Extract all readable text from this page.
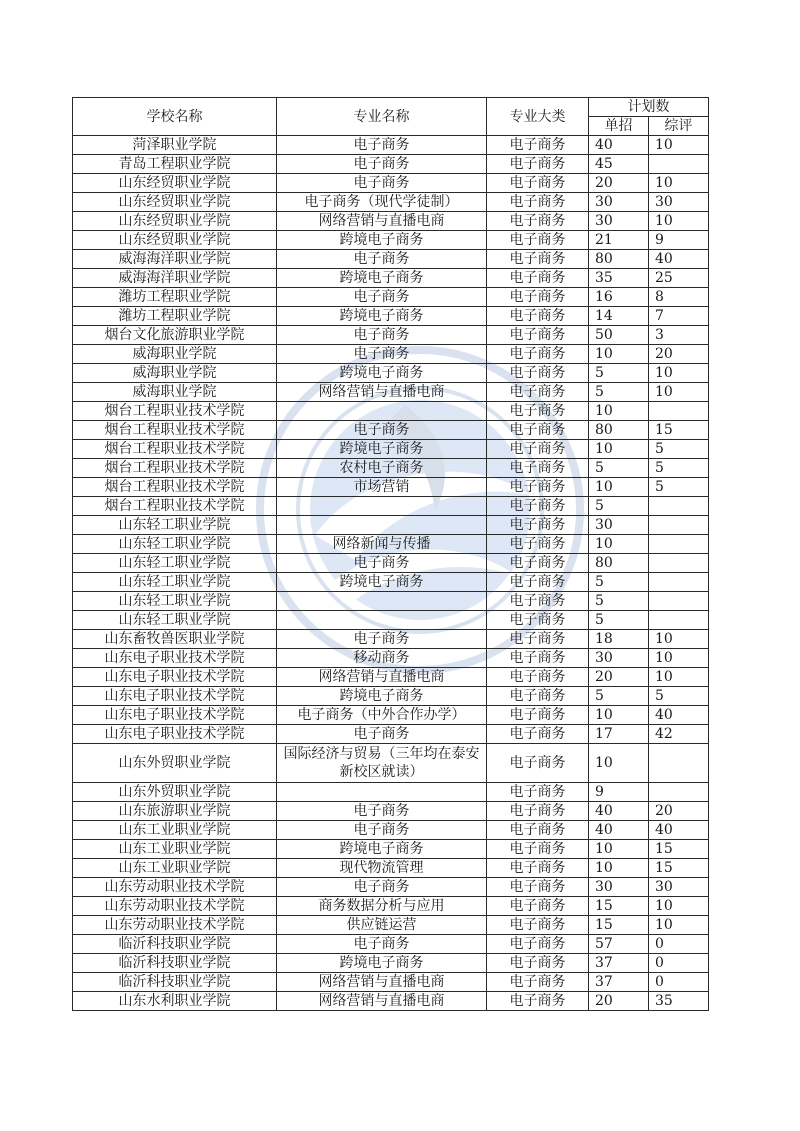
学校名称	专业名称	专业大类	计划数	
			单招	综评
菏泽职业学院	电子商务	电子商务	40	10
青岛工程职业学院	电子商务	电子商务	45	
山东经贸职业学院	电子商务	电子商务	20	10
山东经贸职业学院	电子商务（现代学徒制）	电子商务	30	30
山东经贸职业学院	网络营销与直播电商	电子商务	30	10
山东经贸职业学院	跨境电子商务	电子商务	21	9
威海海洋职业学院	电子商务	电子商务	80	40
威海海洋职业学院	跨境电子商务	电子商务	35	25
潍坊工程职业学院	电子商务	电子商务	16	8
潍坊工程职业学院	跨境电子商务	电子商务	14	7
烟台文化旅游职业学院	电子商务	电子商务	50	3
威海职业学院	电子商务	电子商务	10	20
威海职业学院	跨境电子商务	电子商务	5	10
威海职业学院	网络营销与直播电商	电子商务	5	10
烟台工程职业技术学院		电子商务	10	
烟台工程职业技术学院	电子商务	电子商务	80	15
烟台工程职业技术学院	跨境电子商务	电子商务	10	5
烟台工程职业技术学院	农村电子商务	电子商务	5	5
烟台工程职业技术学院	市场营销	电子商务	10	5
烟台工程职业技术学院		电子商务	5	
山东轻工职业学院		电子商务	30	
山东轻工职业学院	网络新闻与传播	电子商务	10	
山东轻工职业学院	电子商务	电子商务	80	
山东轻工职业学院	跨境电子商务	电子商务	5	
山东轻工职业学院		电子商务	5	
山东轻工职业学院		电子商务	5	
山东畜牧兽医职业学院	电子商务	电子商务	18	10
山东电子职业技术学院	移动商务	电子商务	30	10
山东电子职业技术学院	网络营销与直播电商	电子商务	20	10
山东电子职业技术学院	跨境电子商务	电子商务	5	5
山东电子职业技术学院	电子商务（中外合作办学）	电子商务	10	40
山东电子职业技术学院	电子商务	电子商务	17	42
山东外贸职业学院	国际经济与贸易（三年均在泰安新校区就读）	电子商务	10	
山东外贸职业学院		电子商务	9	
山东旅游职业学院	电子商务	电子商务	40	20
山东工业职业学院	电子商务	电子商务	40	40
山东工业职业学院	跨境电子商务	电子商务	10	15
山东工业职业学院	现代物流管理	电子商务	10	15
山东劳动职业技术学院	电子商务	电子商务	30	30
山东劳动职业技术学院	商务数据分析与应用	电子商务	15	10
山东劳动职业技术学院	供应链运营	电子商务	15	10
临沂科技职业学院	电子商务	电子商务	57	0
临沂科技职业学院	跨境电子商务	电子商务	37	0
临沂科技职业学院	网络营销与直播电商	电子商务	37	0
山东水利职业学院	网络营销与直播电商	电子商务	20	35
